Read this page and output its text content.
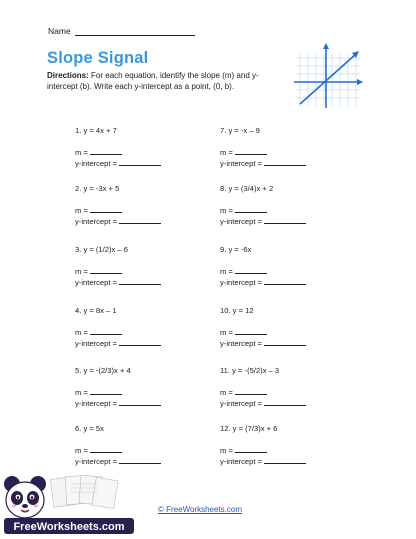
Name
Slope Signal
Directions: For each equation, identify the slope (m) and y-intercept (b). Write each y-intercept as a point, (0, b).
1. y = 4x + 7
m =
y-intercept =
2. y = -3x + 5
m =
y-intercept =
3. y = (1/2)x – 6
m =
y-intercept =
4. y = 8x – 1
m =
y-intercept =
5. y = -(2/3)x + 4
m =
y-intercept =
6. y = 5x
m =
y-intercept =
7. y = -x – 9
m =
y-intercept =
8. y = (3/4)x + 2
m =
y-intercept =
9. y = -6x
m =
y-intercept =
10. y = 12
m =
y-intercept =
11. y = -(5/2)x – 3
m =
y-intercept =
12. y = (7/3)x + 6
m =
y-intercept =
FreeWorksheets.com
© FreeWorksheets.com
